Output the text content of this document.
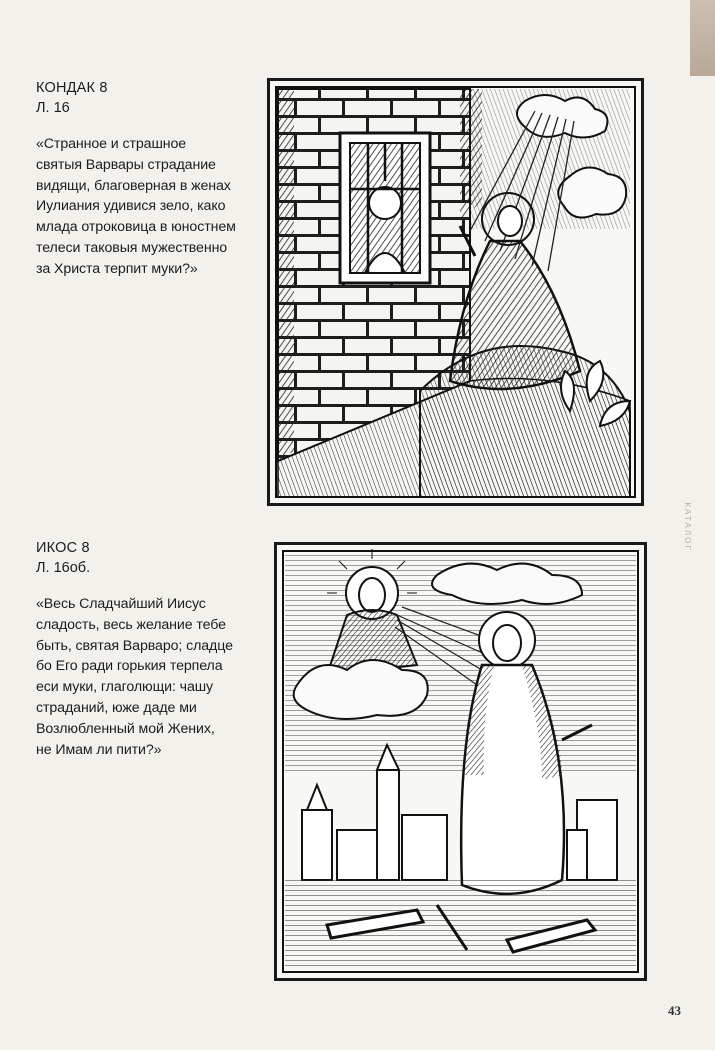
КОНДАК 8
Л. 16
«Странное и страшное
святыя Варвары страдание
видящи, благоверная в женах
Иулиания удивися зело, како
млада отроковица в юностнем
телеси таковыя мужественно
за Христа терпит муки?»
ИКОС 8
Л. 16об.
«Весь Сладчайший Иисус
сладость, весь желание тебе
быть, святая Варваро; сладце
бо Его ради горькия терпела
еси муки, глаголющи: чашу
страданий, юже даде ми
Возлюбленный мой Жених,
не Имам ли пити?»
КАТАЛОГ
43
